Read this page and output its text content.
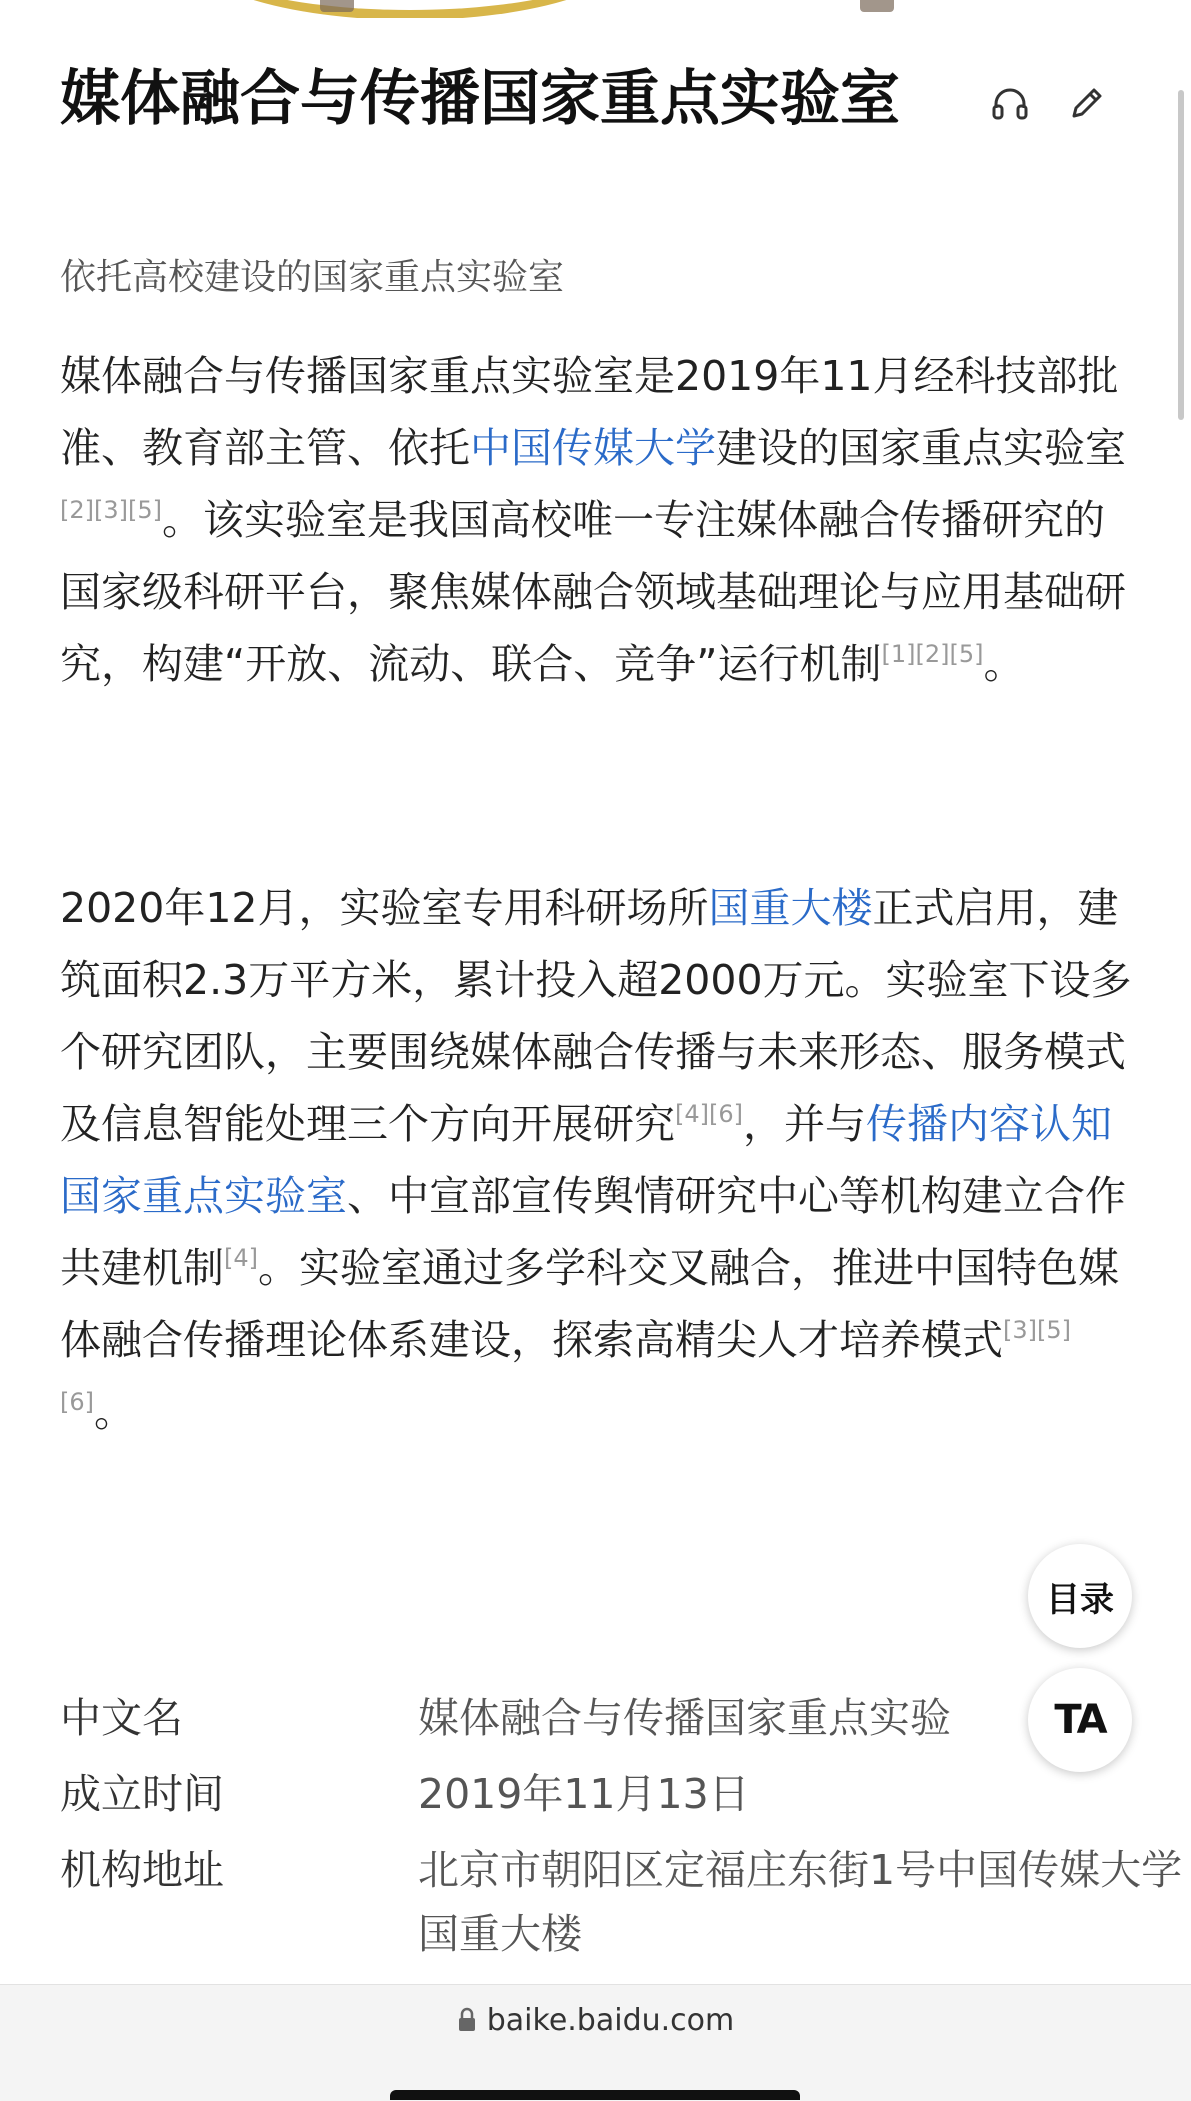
媒体融合与传播国家重点实验室

依托高校建设的国家重点实验室

媒体融合与传播国家重点实验室是2019年11月经科技部批准、教育部主管、依托中国传媒大学建设的国家重点实验室[2][3][5]。该实验室是我国高校唯一专注媒体融合传播研究的国家级科研平台，聚焦媒体融合领域基础理论与应用基础研究，构建“开放、流动、联合、竞争”运行机制[1][2][5]。

2020年12月，实验室专用科研场所国重大楼正式启用，建筑面积2.3万平方米，累计投入超2000万元。实验室下设多个研究团队，主要围绕媒体融合传播与未来形态、服务模式及信息智能处理三个方向开展研究[4][6]，并与传播内容认知国家重点实验室、中宣部宣传舆情研究中心等机构建立合作共建机制[4]。实验室通过多学科交叉融合，推进中国特色媒体融合传播理论体系建设，探索高精尖人才培养模式[3][5][6]。

目录
TA
中文名	媒体融合与传播国家重点实验
成立时间	2019年11月13日
机构地址	北京市朝阳区定福庄东街1号中国传媒大学国重大楼
baike.baidu.com
